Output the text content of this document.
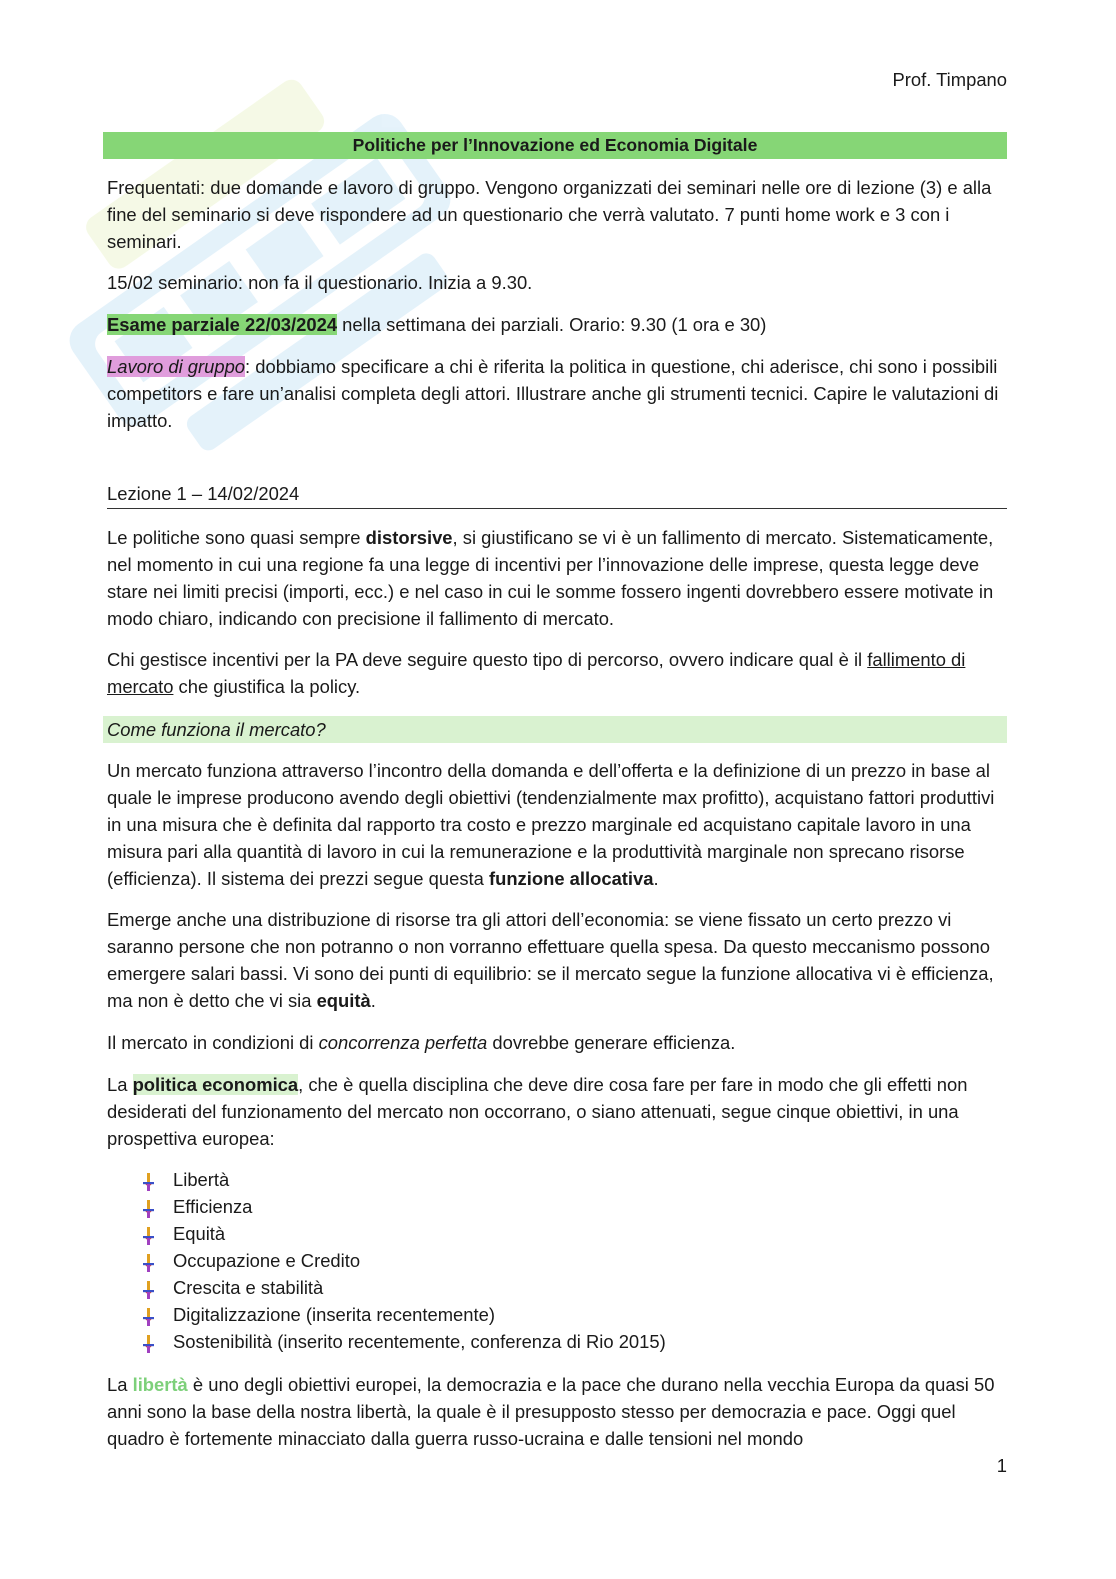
Prof. Timpano
Politiche per l’Innovazione ed Economia Digitale

Frequentati: due domande e lavoro di gruppo. Vengono organizzati dei seminari nelle ore di lezione (3) e alla fine del seminario si deve rispondere ad un questionario che verrà valutato. 7 punti home work e 3 con i seminari.

15/02 seminario: non fa il questionario. Inizia a 9.30.

Esame parziale 22/03/2024 nella settimana dei parziali. Orario: 9.30 (1 ora e 30)

Lavoro di gruppo: dobbiamo specificare a chi è riferita la politica in questione, chi aderisce, chi sono i possibili competitors e fare un’analisi completa degli attori. Illustrare anche gli strumenti tecnici. Capire le valutazioni di impatto.

Lezione 1 – 14/02/2024

Le politiche sono quasi sempre distorsive, si giustificano se vi è un fallimento di mercato. Sistematicamente, nel momento in cui una regione fa una legge di incentivi per l’innovazione delle imprese, questa legge deve stare nei limiti precisi (importi, ecc.) e nel caso in cui le somme fossero ingenti dovrebbero essere motivate in modo chiaro, indicando con precisione il fallimento di mercato.

Chi gestisce incentivi per la PA deve seguire questo tipo di percorso, ovvero indicare qual è il fallimento di mercato che giustifica la policy.

Come funziona il mercato?

Un mercato funziona attraverso l’incontro della domanda e dell’offerta e la definizione di un prezzo in base al quale le imprese producono avendo degli obiettivi (tendenzialmente max profitto), acquistano fattori produttivi in una misura che è definita dal rapporto tra costo e prezzo marginale ed acquistano capitale lavoro in una misura pari alla quantità di lavoro in cui la remunerazione e la produttività marginale non sprecano risorse (efficienza). Il sistema dei prezzi segue questa funzione allocativa.

Emerge anche una distribuzione di risorse tra gli attori dell’economia: se viene fissato un certo prezzo vi saranno persone che non potranno o non vorranno effettuare quella spesa. Da questo meccanismo possono emergere salari bassi. Vi sono dei punti di equilibrio: se il mercato segue la funzione allocativa vi è efficienza, ma non è detto che vi sia equità.

Il mercato in condizioni di concorrenza perfetta dovrebbe generare efficienza.

La politica economica, che è quella disciplina che deve dire cosa fare per fare in modo che gli effetti non desiderati del funzionamento del mercato non occorrano, o siano attenuati, segue cinque obiettivi, in una prospettiva europea:

Libertà
Efficienza
Equità
Occupazione e Credito
Crescita e stabilità
Digitalizzazione (inserita recentemente)
Sostenibilità (inserito recentemente, conferenza di Rio 2015)

La libertà è uno degli obiettivi europei, la democrazia e la pace che durano nella vecchia Europa da quasi 50 anni sono la base della nostra libertà, la quale è il presupposto stesso per democrazia e pace. Oggi quel quadro è fortemente minacciato dalla guerra russo-ucraina e dalle tensioni nel mondo

1
